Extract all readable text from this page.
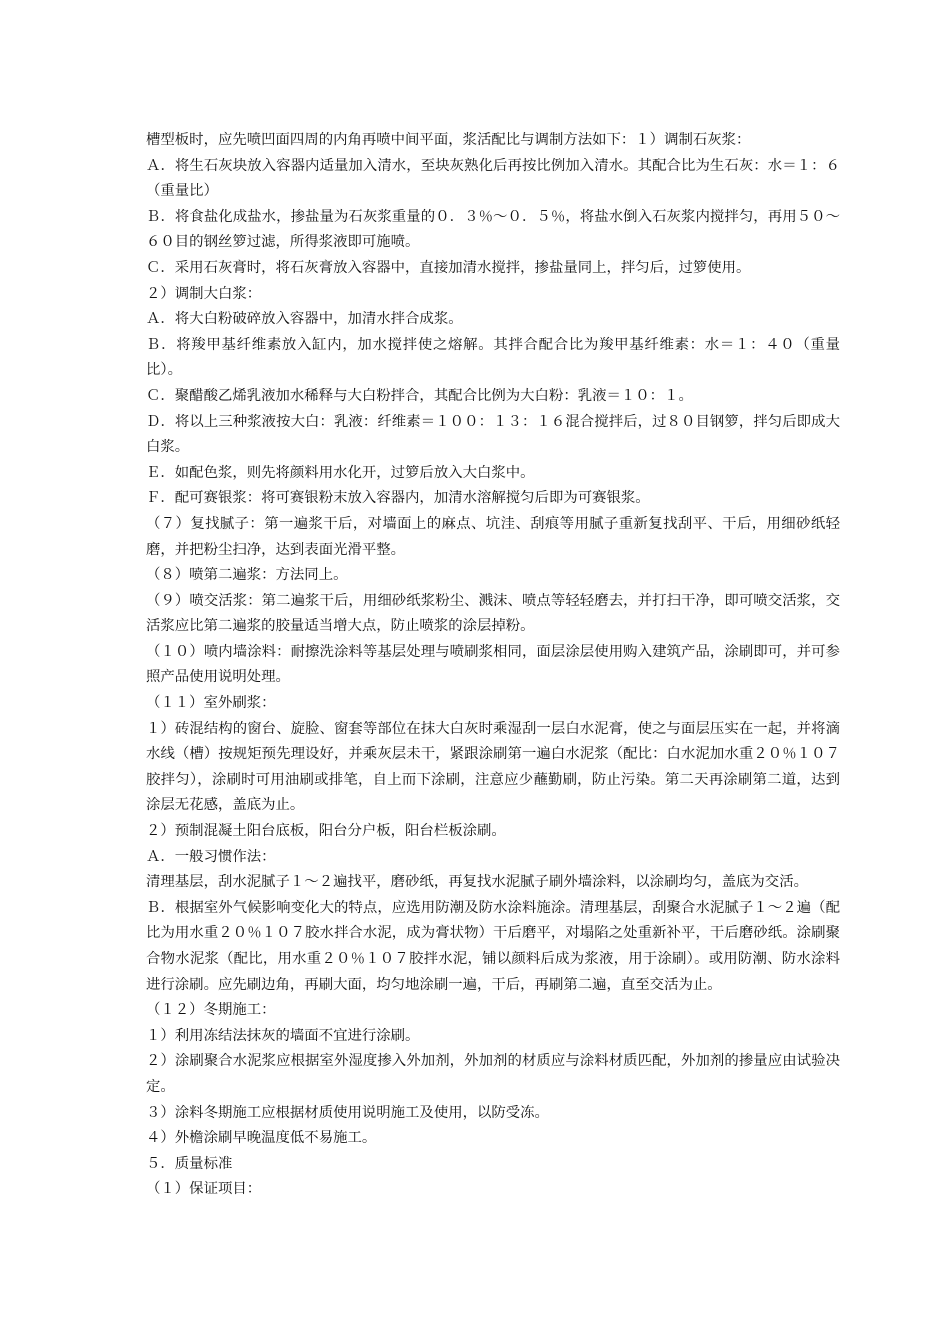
槽型板时，应先喷凹面四周的内角再喷中间平面，浆活配比与调制方法如下：１）调制石灰浆：

Ａ．将生石灰块放入容器内适量加入清水，至块灰熟化后再按比例加入清水。其配合比为生石灰：水＝１：６（重量比）

Ｂ．将食盐化成盐水，掺盐量为石灰浆重量的０．３％～０．５％，将盐水倒入石灰浆内搅拌匀，再用５０～６０目的钢丝箩过滤，所得浆液即可施喷。

Ｃ．采用石灰膏时，将石灰膏放入容器中，直接加清水搅拌，掺盐量同上，拌匀后，过箩使用。

２）调制大白浆：

Ａ．将大白粉破碎放入容器中，加清水拌合成浆。

Ｂ．将羧甲基纤维素放入缸内，加水搅拌使之熔解。其拌合配合比为羧甲基纤维素：水＝１：４０（重量比）。

Ｃ．聚醋酸乙烯乳液加水稀释与大白粉拌合，其配合比例为大白粉：乳液＝１０：１。

Ｄ．将以上三种浆液按大白：乳液：纤维素＝１００：１３：１６混合搅拌后，过８０目钢箩，拌匀后即成大白浆。

Ｅ．如配色浆，则先将颜料用水化开，过箩后放入大白浆中。

Ｆ．配可赛银浆：将可赛银粉末放入容器内，加清水溶解搅匀后即为可赛银浆。

（７）复找腻子：第一遍浆干后，对墙面上的麻点、坑洼、刮痕等用腻子重新复找刮平、干后，用细砂纸轻磨，并把粉尘扫净，达到表面光滑平整。

（８）喷第二遍浆：方法同上。

（９）喷交活浆：第二遍浆干后，用细砂纸浆粉尘、溅沫、喷点等轻轻磨去，并打扫干净，即可喷交活浆，交活浆应比第二遍浆的胶量适当增大点，防止喷浆的涂层掉粉。

（１０）喷内墙涂料：耐擦洗涂料等基层处理与喷刷浆相同，面层涂层使用购入建筑产品，涂刷即可，并可参照产品使用说明处理。

（１１）室外刷浆：

１）砖混结构的窗台、旋脸、窗套等部位在抹大白灰时乘湿刮一层白水泥膏，使之与面层压实在一起，并将滴水线（槽）按规矩预先理设好，并乘灰层未干，紧跟涂刷第一遍白水泥浆（配比：白水泥加水重２０％１０７胶拌匀），涂刷时可用油刷或排笔，自上而下涂刷，注意应少蘸勤刷，防止污染。第二天再涂刷第二道，达到涂层无花感，盖底为止。

２）预制混凝土阳台底板，阳台分户板，阳台栏板涂刷。

Ａ．一般习惯作法：

清理基层，刮水泥腻子１～２遍找平，磨砂纸，再复找水泥腻子刷外墙涂料，以涂刷均匀，盖底为交活。

Ｂ．根据室外气候影响变化大的特点，应选用防潮及防水涂料施涂。清理基层，刮聚合水泥腻子１～２遍（配比为用水重２０％１０７胶水拌合水泥，成为膏状物）干后磨平，对塌陷之处重新补平，干后磨砂纸。涂刷聚合物水泥浆（配比，用水重２０％１０７胶拌水泥，铺以颜料后成为浆液，用于涂刷）。或用防潮、防水涂料进行涂刷。应先刷边角，再刷大面，均匀地涂刷一遍，干后，再刷第二遍，直至交活为止。

（１２）冬期施工：

１）利用冻结法抹灰的墙面不宜进行涂刷。

２）涂刷聚合水泥浆应根据室外湿度掺入外加剂，外加剂的材质应与涂料材质匹配，外加剂的掺量应由试验决定。

３）涂料冬期施工应根据材质使用说明施工及使用，以防受冻。

４）外檐涂刷早晚温度低不易施工。

５．质量标准

（１）保证项目：
